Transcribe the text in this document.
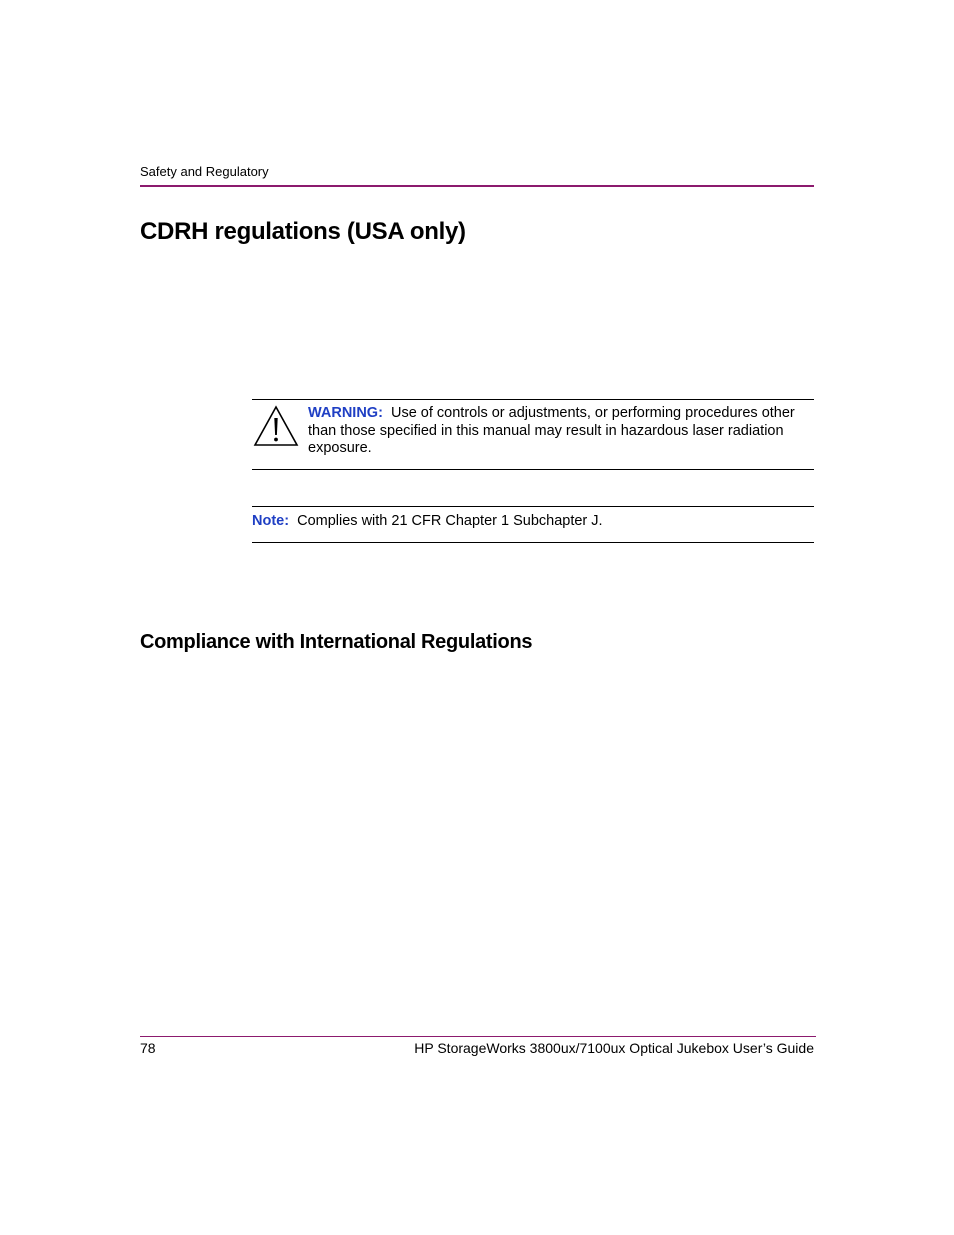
Safety and Regulatory
CDRH regulations (USA only)
WARNING: Use of controls or adjustments, or performing procedures other than those specified in this manual may result in hazardous laser radiation exposure.
Note: Complies with 21 CFR Chapter 1 Subchapter J.
Compliance with International Regulations
78	HP StorageWorks 3800ux/7100ux Optical Jukebox User’s Guide
